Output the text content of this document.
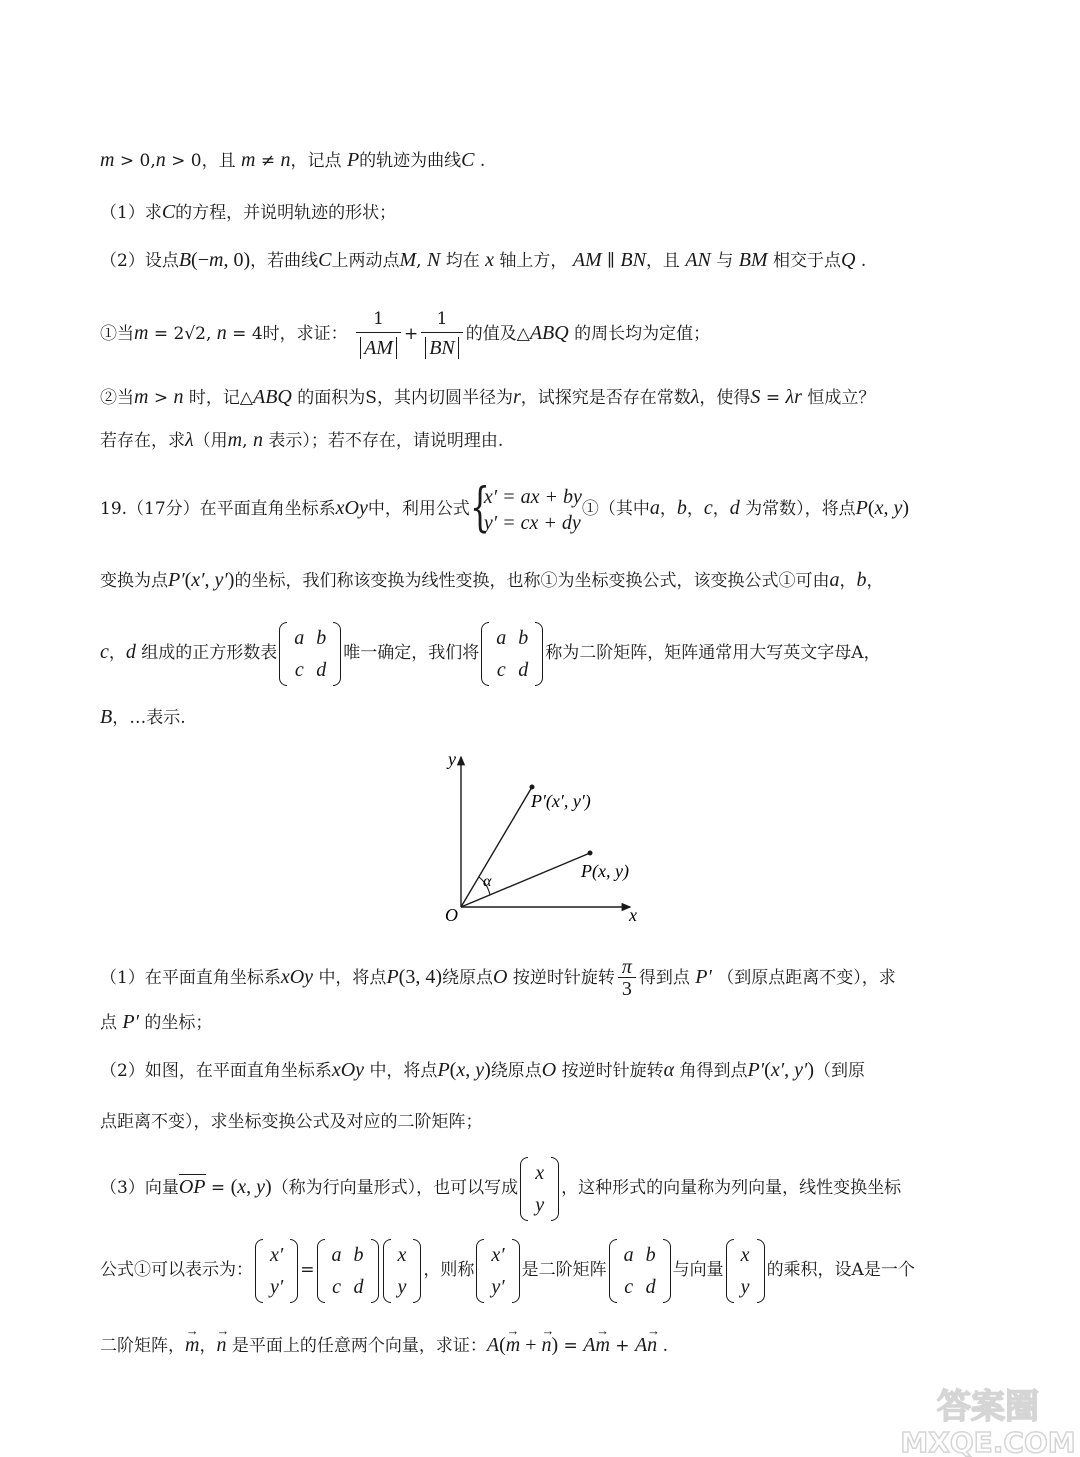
m > 0,n > 0，且 m ≠ n，记点 P的轨迹为曲线C .
（1）求C的方程，并说明轨迹的形状；
（2）设点B(−m, 0)，若曲线C上两动点M, N 均在 x 轴上方， AM ∥ BN，且 AN 与 BM 相交于点Q .
①当m = 2√2, n = 4时，求证： $\frac{1}{AM} + \frac{1}{BN}$ 的值及△ABQ 的周长均为定值；
②当m > n 时，记△ABQ 的面积为S，其内切圆半径为r，试探究是否存在常数λ，使得S = λr 恒成立？
若存在，求λ（用m, n 表示）；若不存在，请说明理由.
19.（17分）在平面直角坐标系xOy中，利用公式 {
x′ = ax + by
y′ = cx + dy
①（其中a，b，c，d 为常数），将点P(x, y)
变换为点P′(x′, y′)的坐标，我们称该变换为线性变换，也称①为坐标变换公式，该变换公式①可由a，b，
c，d 组成的正方形数表
a	b
c	d
唯一确定，我们将
a	b
c	d
称为二阶矩阵，矩阵通常用大写英文字母A，
B，…表示.
y
x
O
P(x, y)
P′(x′, y′)
α
（1）在平面直角坐标系xOy 中，将点P(3, 4)绕原点O 按逆时针旋转 $\frac{\pi}{3}$ 得到点 P′ （到原点距离不变），求
点 P′ 的坐标；
（2）如图，在平面直角坐标系xOy 中，将点P(x, y)绕原点O 按逆时针旋转α 角得到点P′(x′, y′)（到原
点距离不变），求坐标变换公式及对应的二阶矩阵；
（3）向量OP = (x, y)（称为行向量形式），也可以写成
x
y
，这种形式的向量称为列向量，线性变换坐标
公式①可以表示为：
x′
y′
=
a	b
c	d
x
y
，则称
x′
y′
是二阶矩阵
a	b
c	d
与向量
x
y
的乘积，设A是一个
二阶矩阵，→ m，→ n 是平面上的任意两个向量，求证：A(→ m + → n) = A→ m + A→ n .
答案圈
MXQE.COM
